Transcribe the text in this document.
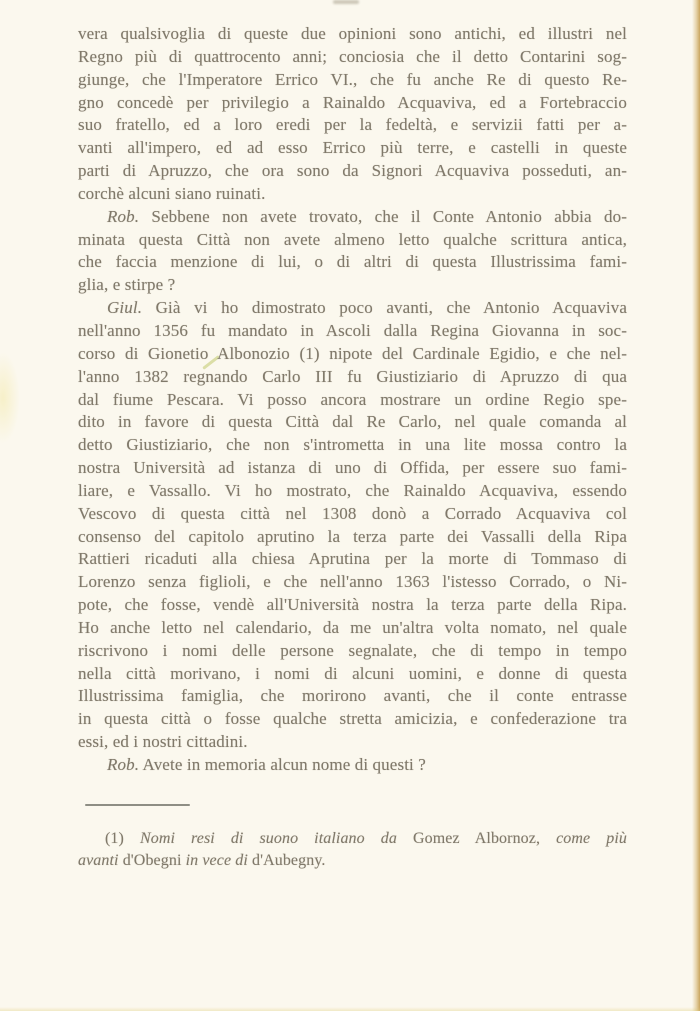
vera qualsivoglia di queste due opinioni sono antichi, ed illustri nel
Regno più di quattrocento anni; conciosia che il detto Contarini sog-
giunge, che l'Imperatore Errico VI., che fu anche Re di questo Re-
gno concedè per privilegio a Rainaldo Acquaviva, ed a Fortebraccio
suo fratello, ed a loro eredi per la fedeltà, e servizii fatti per a-
vanti all'impero, ed ad esso Errico più terre, e castelli in queste
parti di Apruzzo, che ora sono da Signori Acquaviva posseduti, an-
corchè alcuni siano ruinati.
Rob. Sebbene non avete trovato, che il Conte Antonio abbia do-
minata questa Città non avete almeno letto qualche scrittura antica,
che faccia menzione di lui, o di altri di questa Illustrissima fami-
glia, e stirpe ?
Giul. Già vi ho dimostrato poco avanti, che Antonio Acquaviva
nell'anno 1356 fu mandato in Ascoli dalla Regina Giovanna in soc-
corso di Gionetio Albonozio (1) nipote del Cardinale Egidio, e che nel-
l'anno 1382 regnando Carlo III fu Giustiziario di Apruzzo di qua
dal fiume Pescara. Vi posso ancora mostrare un ordine Regio spe-
dito in favore di questa Città dal Re Carlo, nel quale comanda al
detto Giustiziario, che non s'intrometta in una lite mossa contro la
nostra Università ad istanza di uno di Offida, per essere suo fami-
liare, e Vassallo. Vi ho mostrato, che Rainaldo Acquaviva, essendo
Vescovo di questa città nel 1308 donò a Corrado Acquaviva col
consenso del capitolo aprutino la terza parte dei Vassalli della Ripa
Rattieri ricaduti alla chiesa Aprutina per la morte di Tommaso di
Lorenzo senza figlioli, e che nell'anno 1363 l'istesso Corrado, o Ni-
pote, che fosse, vendè all'Università nostra la terza parte della Ripa.
Ho anche letto nel calendario, da me un'altra volta nomato, nel quale
riscrivono i nomi delle persone segnalate, che di tempo in tempo
nella città morivano, i nomi di alcuni uomini, e donne di questa
Illustrissima famiglia, che morirono avanti, che il conte entrasse
in questa città o fosse qualche stretta amicizia, e confederazione tra
essi, ed i nostri cittadini.
Rob. Avete in memoria alcun nome di questi ?
(1) Nomi resi di suono italiano da Gomez Albornoz, come più
avanti d'Obegni in vece di d'Aubegny.
